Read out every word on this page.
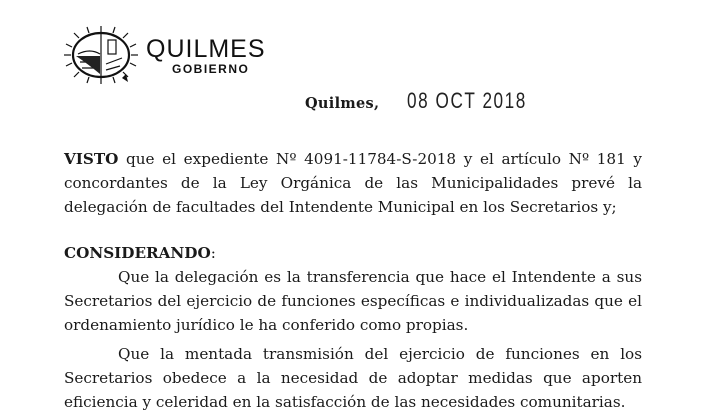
QUILMES
GOBIERNO
Quilmes, 08 OCT 2018

VISTO que el expediente Nº 4091-11784-S-2018 y el artículo Nº 181 y concordantes de la Ley Orgánica de las Municipalidades prevé la delegación de facultades del Intendente Municipal en los Secretarios y;

CONSIDERANDO:

Que la delegación es la transferencia que hace el Intendente a sus Secretarios del ejercicio de funciones específicas e individualizadas que el ordenamiento jurídico le ha conferido como propias.

Que la mentada transmisión del ejercicio de funciones en los Secretarios obedece a la necesidad de adoptar medidas que aporten eficiencia y celeridad en la satisfacción de las necesidades comunitarias.
